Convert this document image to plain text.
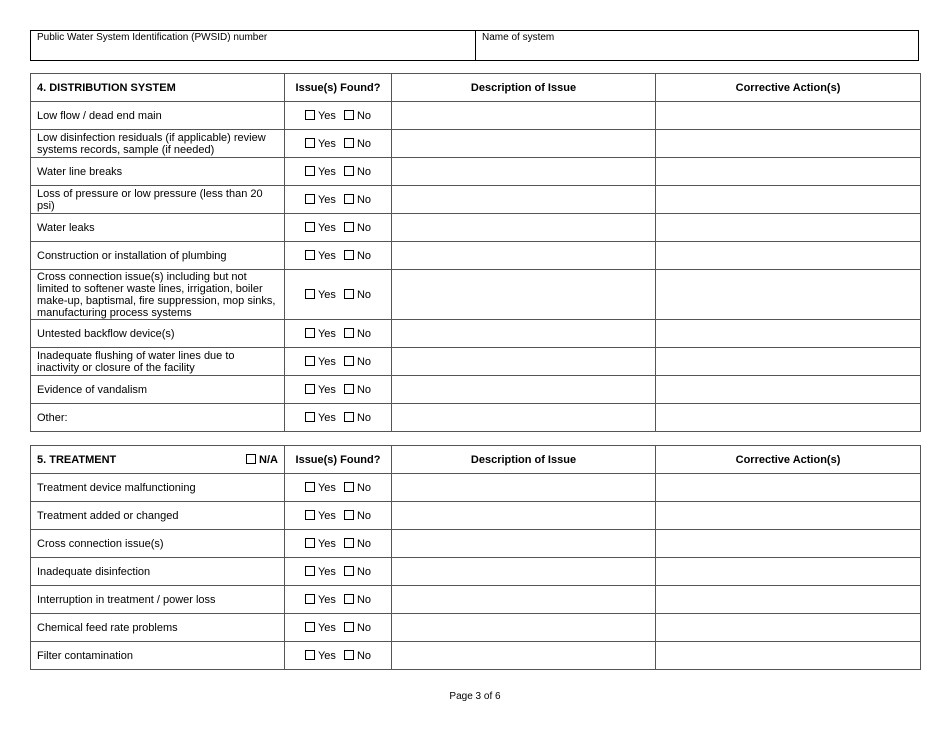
Public Water System Identification (PWSID) number	Name of system
4. DISTRIBUTION SYSTEM	Issue(s) Found?	Description of Issue	Corrective Action(s)

Low flow / dead end main	Yes No		

Low disinfection residuals (if applicable) review systems records, sample (if needed)	Yes No		

Water line breaks	Yes No		

Loss of pressure or low pressure (less than 20 psi)	Yes No		

Water leaks	Yes No		

Construction or installation of plumbing	Yes No		

Cross connection issue(s) including but not limited to softener waste lines, irrigation, boiler make-up, baptismal, fire suppression, mop sinks, manufacturing process systems	Yes No		

Untested backflow device(s)	Yes No		

Inadequate flushing of water lines due to inactivity or closure of the facility	Yes No		

Evidence of vandalism	Yes No		

Other:	Yes No		
5. TREATMENT N/A	Issue(s) Found?	Description of Issue	Corrective Action(s)

Treatment device malfunctioning	Yes No		

Treatment added or changed	Yes No		

Cross connection issue(s)	Yes No		

Inadequate disinfection	Yes No		

Interruption in treatment / power loss	Yes No		

Chemical feed rate problems	Yes No		

Filter contamination	Yes No		
Page 3 of 6
